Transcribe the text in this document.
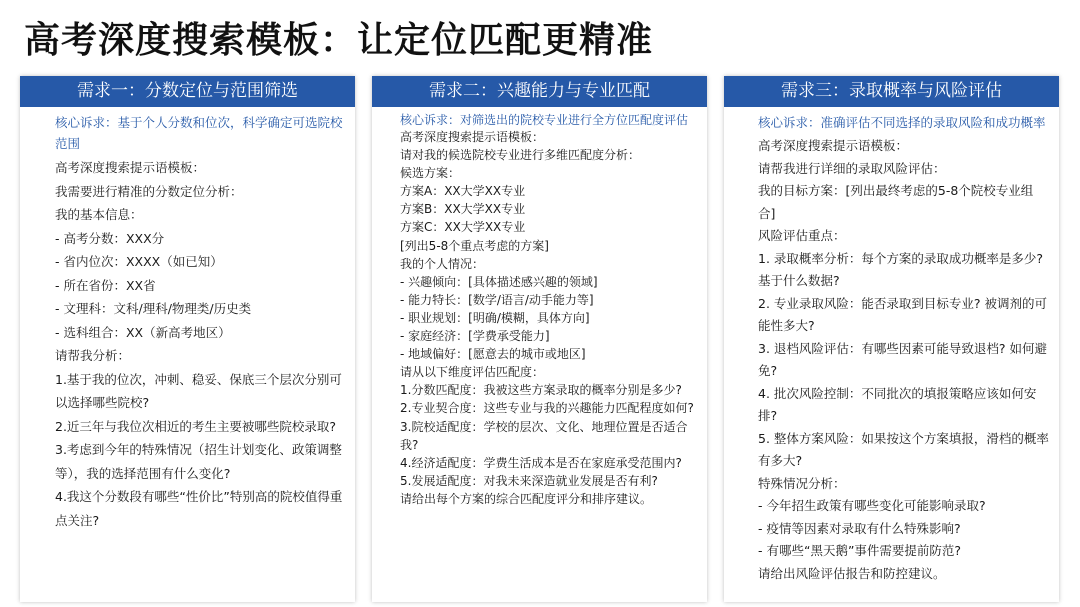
高考深度搜索模板：让定位匹配更精准
需求一：分数定位与范围筛选
核心诉求：基于个人分数和位次，科学确定可选院校范围
高考深度搜索提示语模板：
我需要进行精准的分数定位分析：
我的基本信息：
- 高考分数：XXX分
- 省内位次：XXXX（如已知）
- 所在省份：XX省
- 文理科：文科/理科/物理类/历史类
- 选科组合：XX（新高考地区）
请帮我分析：
1.基于我的位次，冲刺、稳妥、保底三个层次分别可以选择哪些院校?
2.近三年与我位次相近的考生主要被哪些院校录取?
3.考虑到今年的特殊情况（招生计划变化、政策调整等），我的选择范围有什么变化?
4.我这个分数段有哪些“性价比”特别高的院校值得重点关注?
需求二：兴趣能力与专业匹配
核心诉求：对筛选出的院校专业进行全方位匹配度评估
高考深度搜索提示语模板：
请对我的候选院校专业进行多维匹配度分析：
候选方案：
方案A：XX大学XX专业
方案B：XX大学XX专业
方案C：XX大学XX专业
[列出5-8个重点考虑的方案]
我的个人情况：
- 兴趣倾向：[具体描述感兴趣的领域]
- 能力特长：[数学/语言/动手能力等]
- 职业规划：[明确/模糊，具体方向]
- 家庭经济：[学费承受能力]
- 地域偏好：[愿意去的城市或地区]
请从以下维度评估匹配度：
1.分数匹配度：我被这些方案录取的概率分别是多少?
2.专业契合度：这些专业与我的兴趣能力匹配程度如何?
3.院校适配度：学校的层次、文化、地理位置是否适合我?
4.经济适配度：学费生活成本是否在家庭承受范围内?
5.发展适配度：对我未来深造就业发展是否有利?
请给出每个方案的综合匹配度评分和排序建议。
需求三：录取概率与风险评估
核心诉求：准确评估不同选择的录取风险和成功概率
高考深度搜索提示语模板：
请帮我进行详细的录取风险评估：
我的目标方案：[列出最终考虑的5-8个院校专业组合]
风险评估重点：
1. 录取概率分析：每个方案的录取成功概率是多少? 基于什么数据?
2. 专业录取风险：能否录取到目标专业? 被调剂的可能性多大?
3. 退档风险评估：有哪些因素可能导致退档? 如何避免?
4. 批次风险控制：不同批次的填报策略应该如何安排?
5. 整体方案风险：如果按这个方案填报，滑档的概率有多大?
特殊情况分析：
- 今年招生政策有哪些变化可能影响录取?
- 疫情等因素对录取有什么特殊影响?
- 有哪些“黑天鹅”事件需要提前防范?
请给出风险评估报告和防控建议。
